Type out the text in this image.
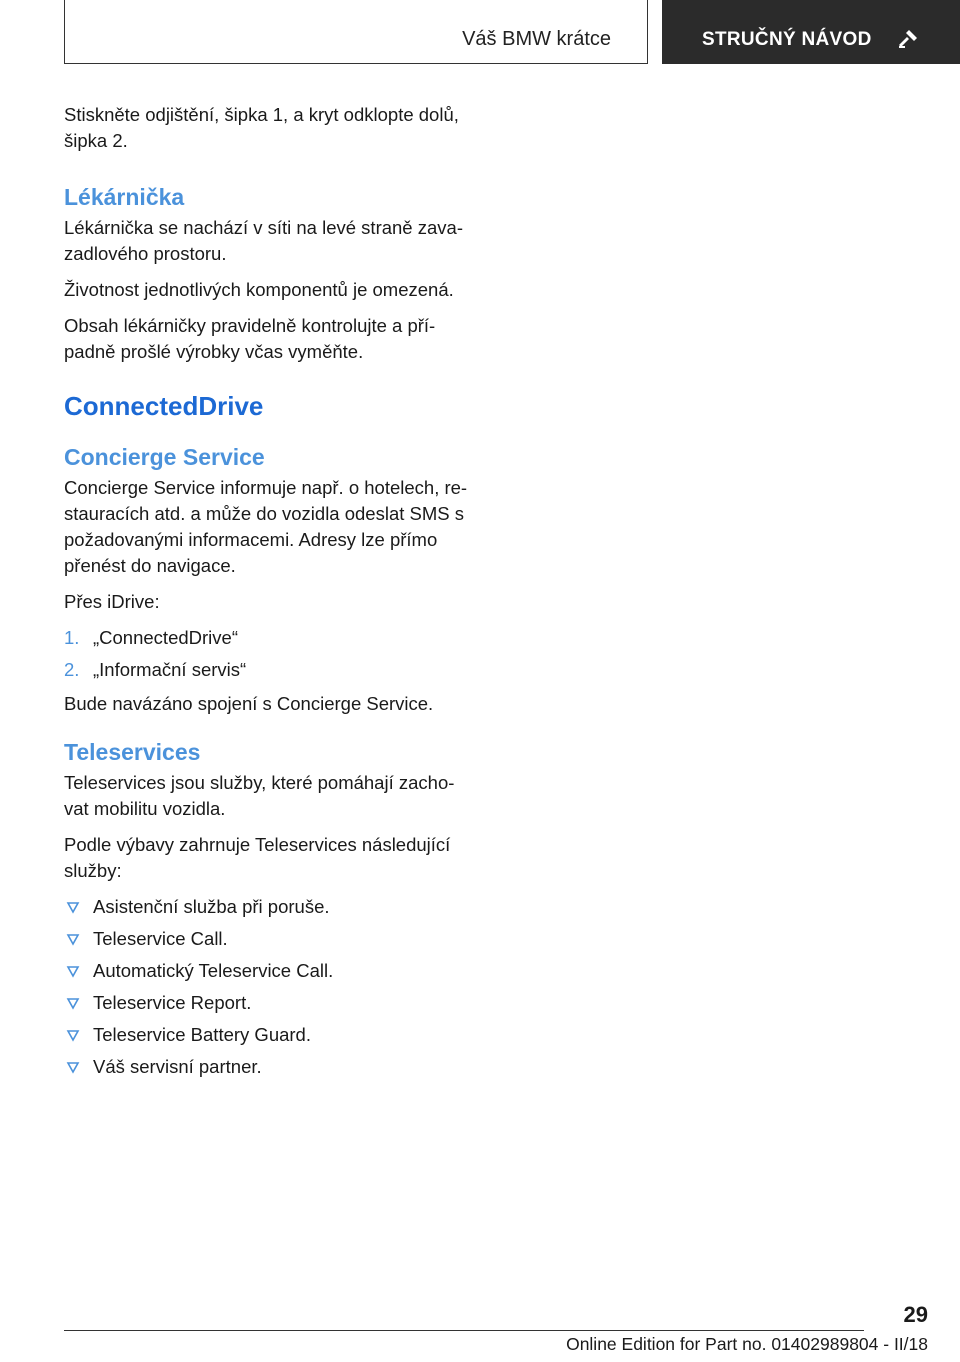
Váš BMW krátce	STRUČNÝ NÁVOD

Stiskněte odjištění, šipka 1, a kryt odklopte dolů, šipka 2.

Lékárnička

Lékárnička se nachází v síti na levé straně zava‐ zadlového prostoru.

Životnost jednotlivých komponentů je omezená.

Obsah lékárničky pravidelně kontrolujte a pří‐ padně prošlé výrobky včas vyměňte.

ConnectedDrive
Concierge Service

Concierge Service informuje např. o hotelech, re‐ stauracích atd. a může do vozidla odeslat SMS s požadovanými informacemi. Adresy lze přímo přenést do navigace.

Přes iDrive:

1. „ConnectedDrive“
2. „Informační servis“

Bude navázáno spojení s Concierge Service.

Teleservices

Teleservices jsou služby, které pomáhají zacho‐ vat mobilitu vozidla.

Podle výbavy zahrnuje Teleservices následující služby:

Asistenční služba při poruše.
Teleservice Call.
Automatický Teleservice Call.
Teleservice Report.
Teleservice Battery Guard.
Váš servisní partner.
29
Online Edition for Part no. 01402989804 - II/18
